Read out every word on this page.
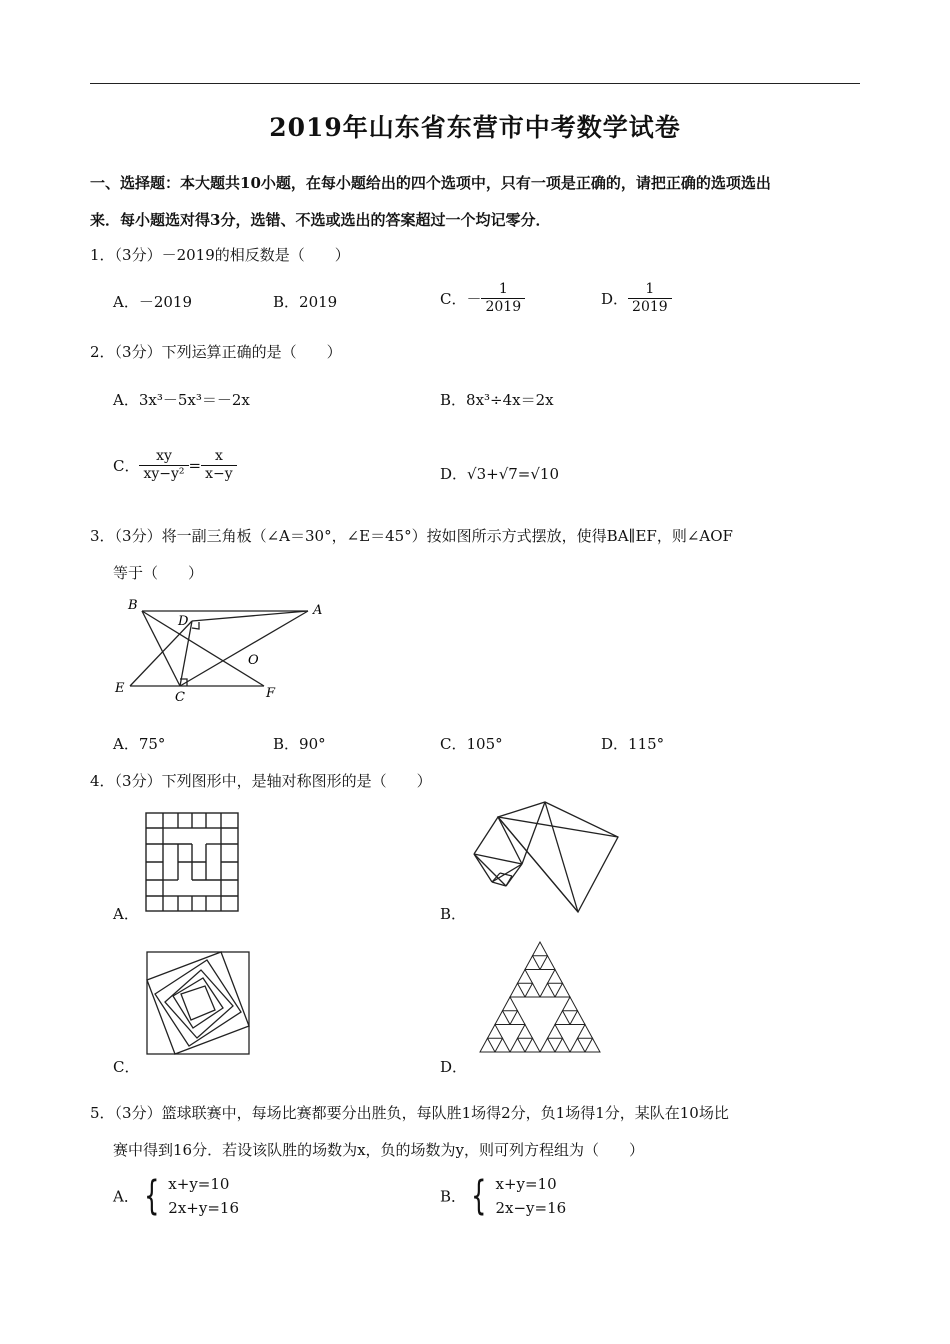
2019年山东省东营市中考数学试卷
一、选择题：本大题共10小题，在每小题给出的四个选项中，只有一项是正确的，请把正确的选项选出
来．每小题选对得3分，选错、不选或选出的答案超过一个均记零分．
1．（3分）－2019的相反数是（　　）
A．－2019	B．2019	C．－ $\frac{1}{2019}$	D． $\frac{1}{2019}$
2．（3分）下列运算正确的是（　　）
A．3x³－5x³＝－2x	B．8x³÷4x＝2x
C． $\frac{xy}{\text{xy−y²}} = \frac{x}{x-y}$	D．√3+√7=√10
3．（3分）将一副三角板（∠A＝30°，∠E＝45°）按如图所示方式摆放，使得BA∥EF，则∠AOF
等于（　　）
B	A
D
O
E
C	F
A．75°	B．90°	C．105°	D．115°
4．（3分）下列图形中，是轴对称图形的是（　　）
A．	B．
C．	D．
5．（3分）篮球联赛中，每场比赛都要分出胜负，每队胜1场得2分，负1场得1分，某队在10场比
赛中得到16分．若设该队胜的场数为x，负的场数为y，则可列方程组为（　　）
A． { x+y=10
2x+y=16
B． { x+y=10
2x−y=16
